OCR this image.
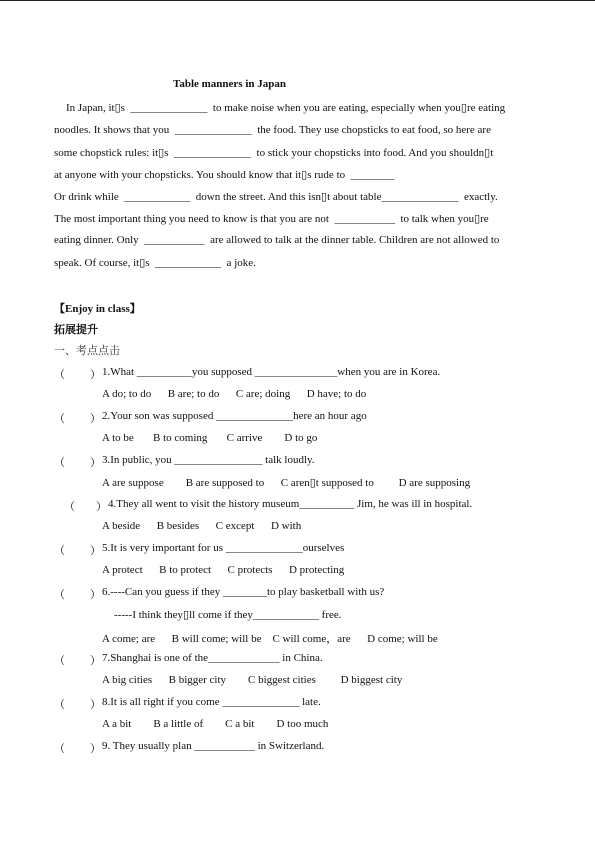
Table manners in Japan
In Japan, it▯s  ______________  to make noise when you are eating, especially when you▯re eating
noodles. It shows that you  ______________  the food. They use chopsticks to eat food, so here are
some chopstick rules: it▯s  ______________  to stick your chopsticks into food. And you shouldn▯t
at anyone with your chopsticks. You should know that it▯s rude to  ________
Or drink while  ____________  down the street. And this isn▯t about table______________  exactly.
The most important thing you need to know is that you are not  ___________  to talk when you▯re
eating dinner. Only  ___________  are allowed to talk at the dinner table. Children are not allowed to
speak. Of course, it▯s  ____________  a joke.
【Enjoy in class】
拓展提升
一、考点点击
（ ） 1.What __________you supposed _______________when you are in Korea.
A do; to do      B are; to do      C are; doing      D have; to do
（ ） 2.Your son was supposed ______________here an hour ago
A to be       B to coming       C arrive        D to go
（ ） 3.In public, you ________________ talk loudly.
A are suppose        B are supposed to      C aren▯t supposed to         D are supposing
（ ） 4.They all went to visit the history museum__________ Jim, he was ill in hospital.
A beside      B besides      C except      D with
（ ） 5.It is very important for us ______________ourselves
A protect      B to protect      C protects      D protecting
（ ） 6.----Can you guess if they ________to play basketball with us?
-----I think they▯ll come if they____________ free.
A come; are      B will come; will be    C will come，are      D come; will be
（ ） 7.Shanghai is one of the_____________ in China.
A big cities      B bigger city        C biggest cities         D biggest city
（ ） 8.It is all right if you come ______________ late.
A a bit        B a little of        C a bit        D too much
（ ） 9. They usually plan ___________ in Switzerland.
